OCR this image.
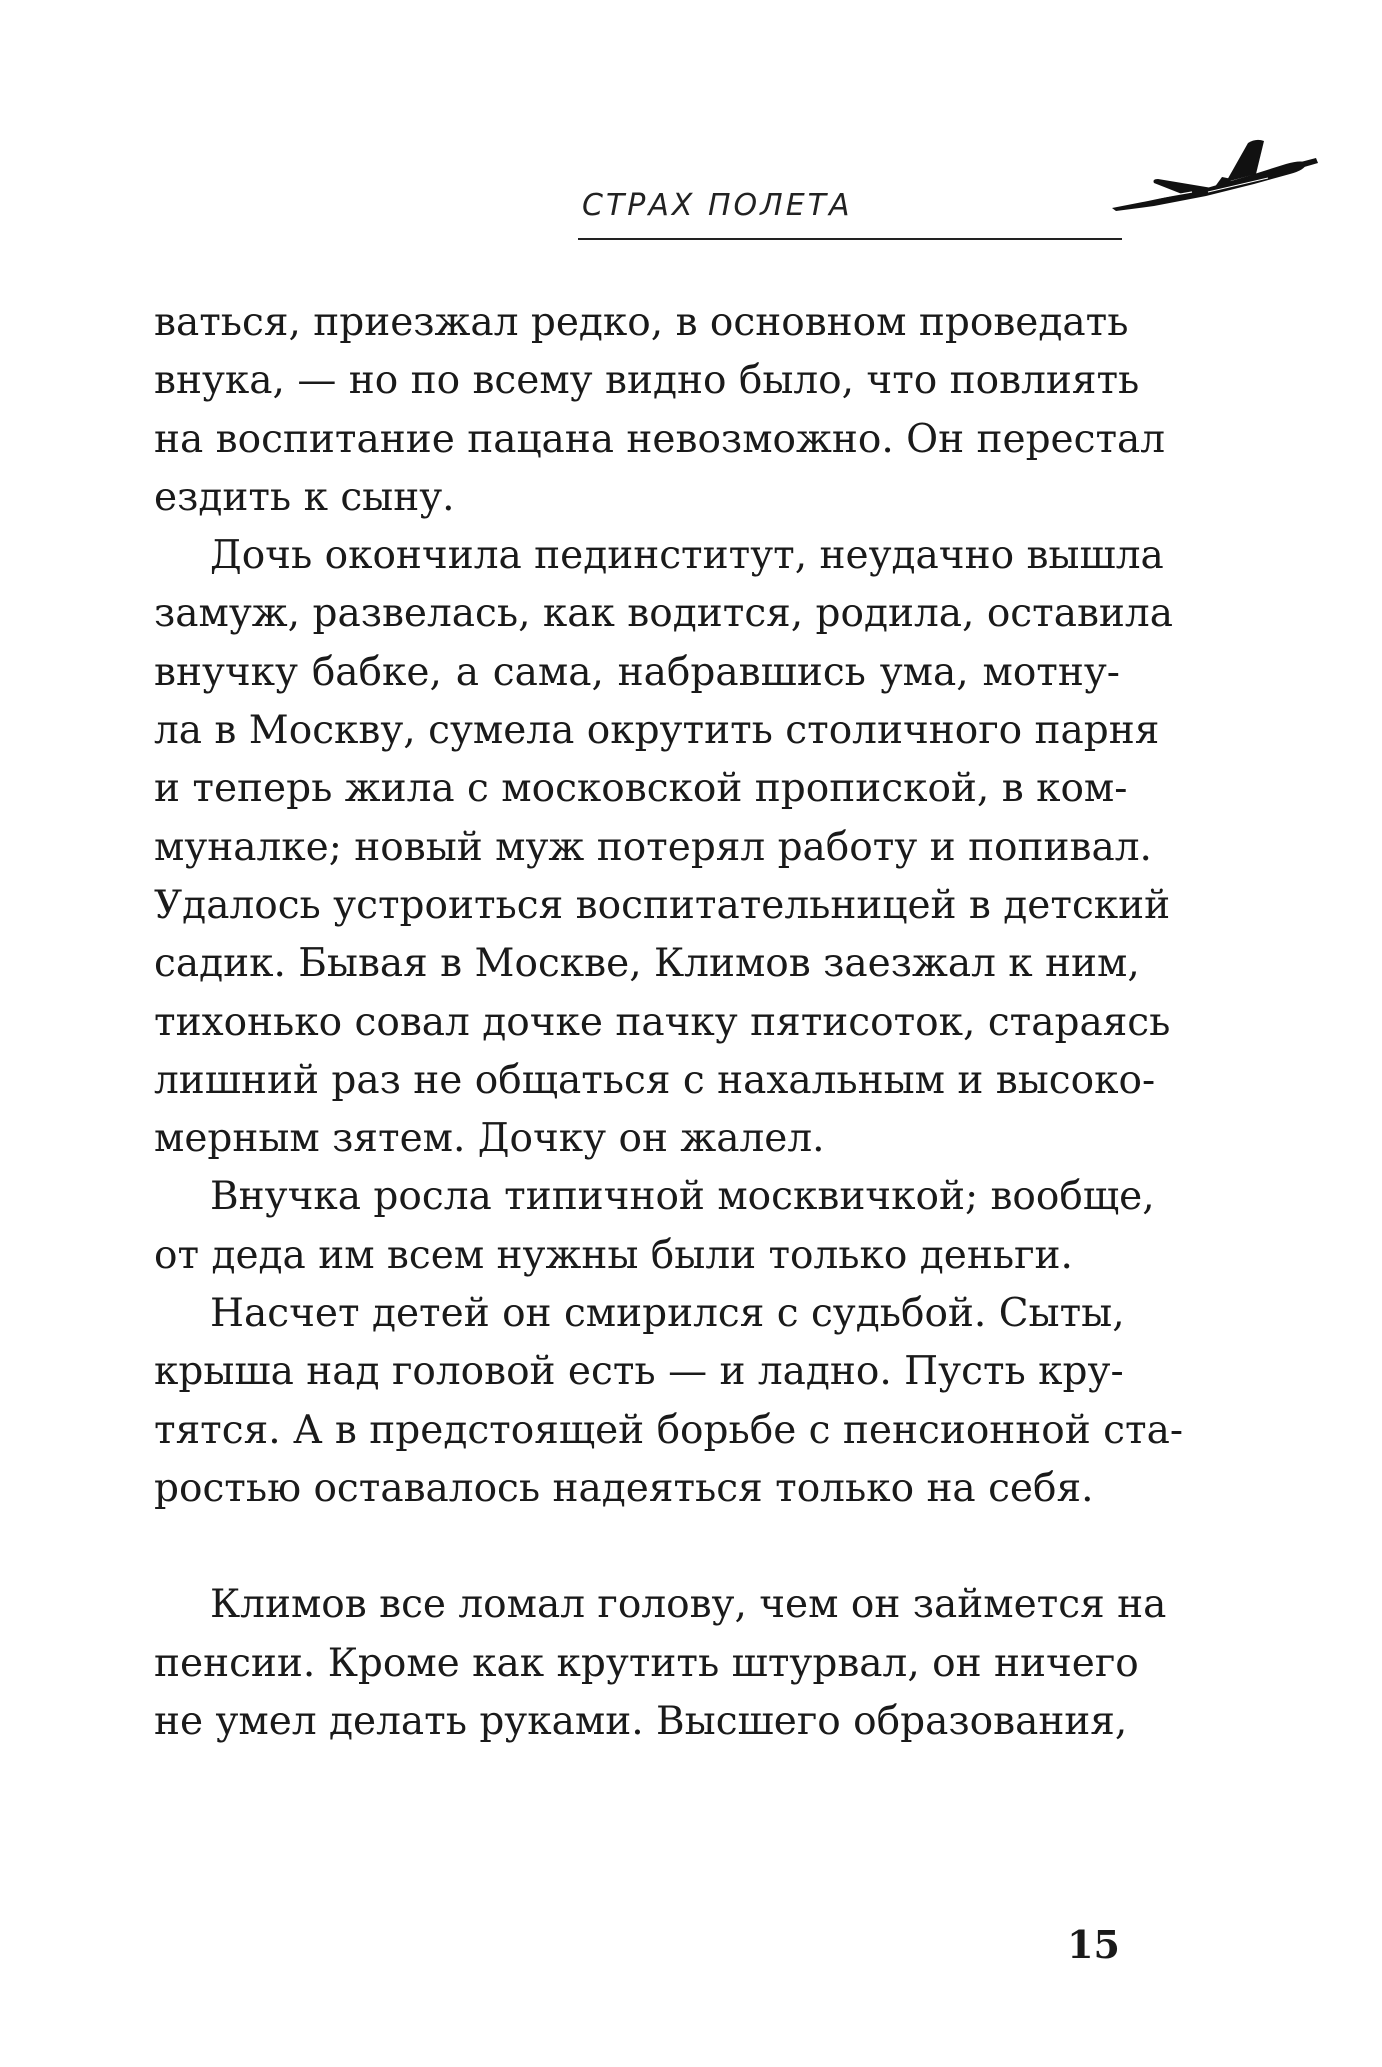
СТРАХ ПОЛЕТА

ваться, приезжал редко, в основном проведать
внука, — но по всему видно было, что повлиять
на воспитание пацана невозможно. Он перестал
ездить к сыну.

Дочь окончила пединститут, неудачно вышла
замуж, развелась, как водится, родила, оставила
внучку бабке, а сама, набравшись ума, мотну-
ла в Москву, сумела окрутить столичного парня
и теперь жила с московской пропиской, в ком-
муналке; новый муж потерял работу и попивал.
Удалось устроиться воспитательницей в детский
садик. Бывая в Москве, Климов заезжал к ним,
тихонько совал дочке пачку пятисоток, стараясь
лишний раз не общаться с нахальным и высоко-
мерным зятем. Дочку он жалел.

Внучка росла типичной москвичкой; вообще,
от деда им всем нужны были только деньги.

Насчет детей он смирился с судьбой. Сыты,
крыша над головой есть — и ладно. Пусть кру-
тятся. А в предстоящей борьбе с пенсионной ста-
ростью оставалось надеяться только на себя.

Климов все ломал голову, чем он займется на
пенсии. Кроме как крутить штурвал, он ничего
не умел делать руками. Высшего образования,

15
